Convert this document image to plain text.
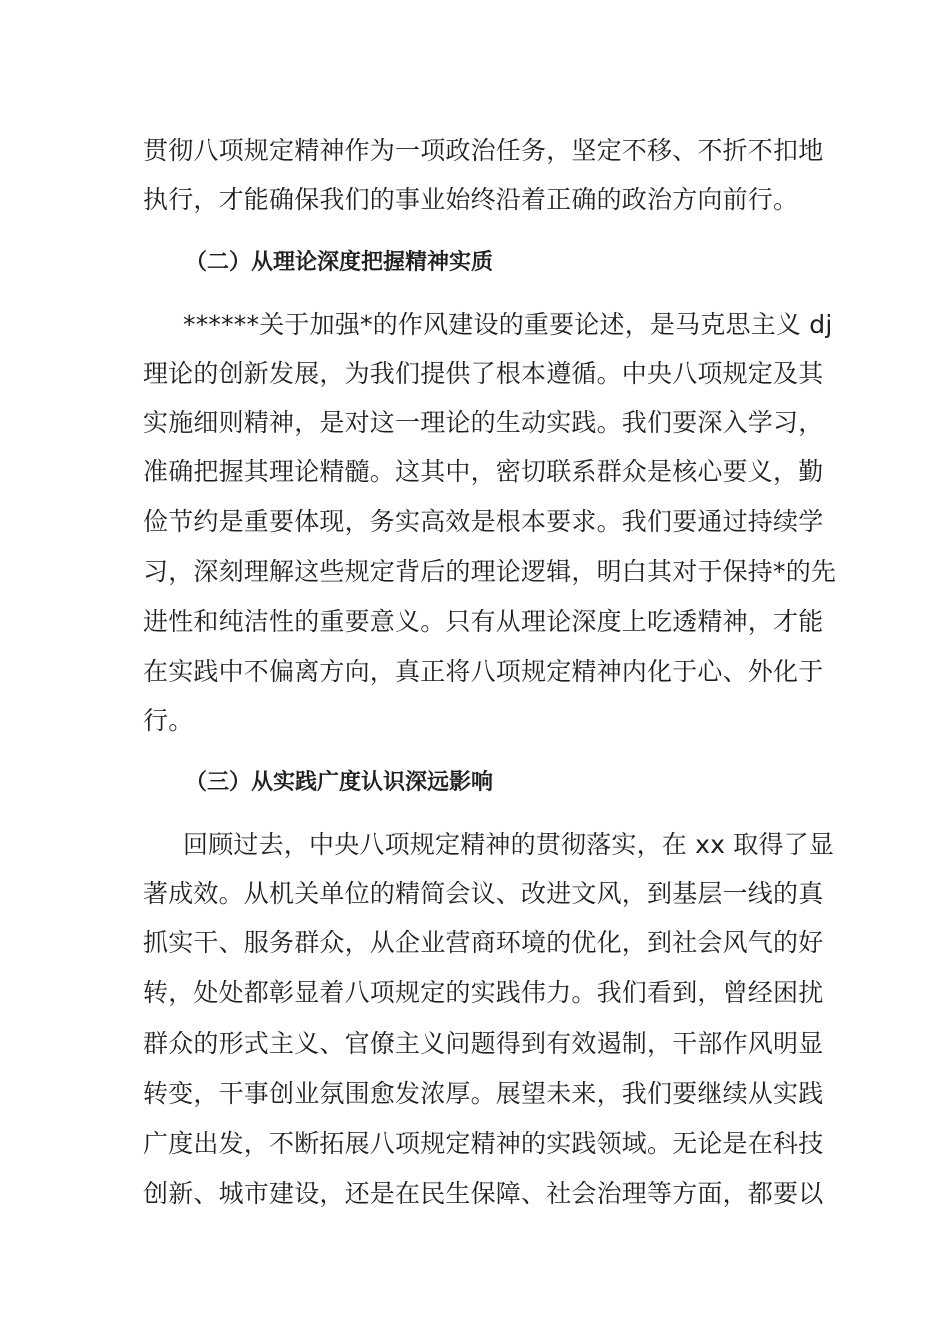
贯彻八项规定精神作为一项政治任务，坚定不移、不折不扣地
执行，才能确保我们的事业始终沿着正确的政治方向前行。
（二）从理论深度把握精神实质
******关于加强*的作风建设的重要论述，是马克思主义 dj
理论的创新发展，为我们提供了根本遵循。中央八项规定及其
实施细则精神，是对这一理论的生动实践。我们要深入学习，
准确把握其理论精髓。这其中，密切联系群众是核心要义，勤
俭节约是重要体现，务实高效是根本要求。我们要通过持续学
习，深刻理解这些规定背后的理论逻辑，明白其对于保持*的先
进性和纯洁性的重要意义。只有从理论深度上吃透精神，才能
在实践中不偏离方向，真正将八项规定精神内化于心、外化于
行。
（三）从实践广度认识深远影响
回顾过去，中央八项规定精神的贯彻落实，在 xx 取得了显
著成效。从机关单位的精简会议、改进文风，到基层一线的真
抓实干、服务群众，从企业营商环境的优化，到社会风气的好
转，处处都彰显着八项规定的实践伟力。我们看到，曾经困扰
群众的形式主义、官僚主义问题得到有效遏制，干部作风明显
转变，干事创业氛围愈发浓厚。展望未来，我们要继续从实践
广度出发，不断拓展八项规定精神的实践领域。无论是在科技
创新、城市建设，还是在民生保障、社会治理等方面，都要以
